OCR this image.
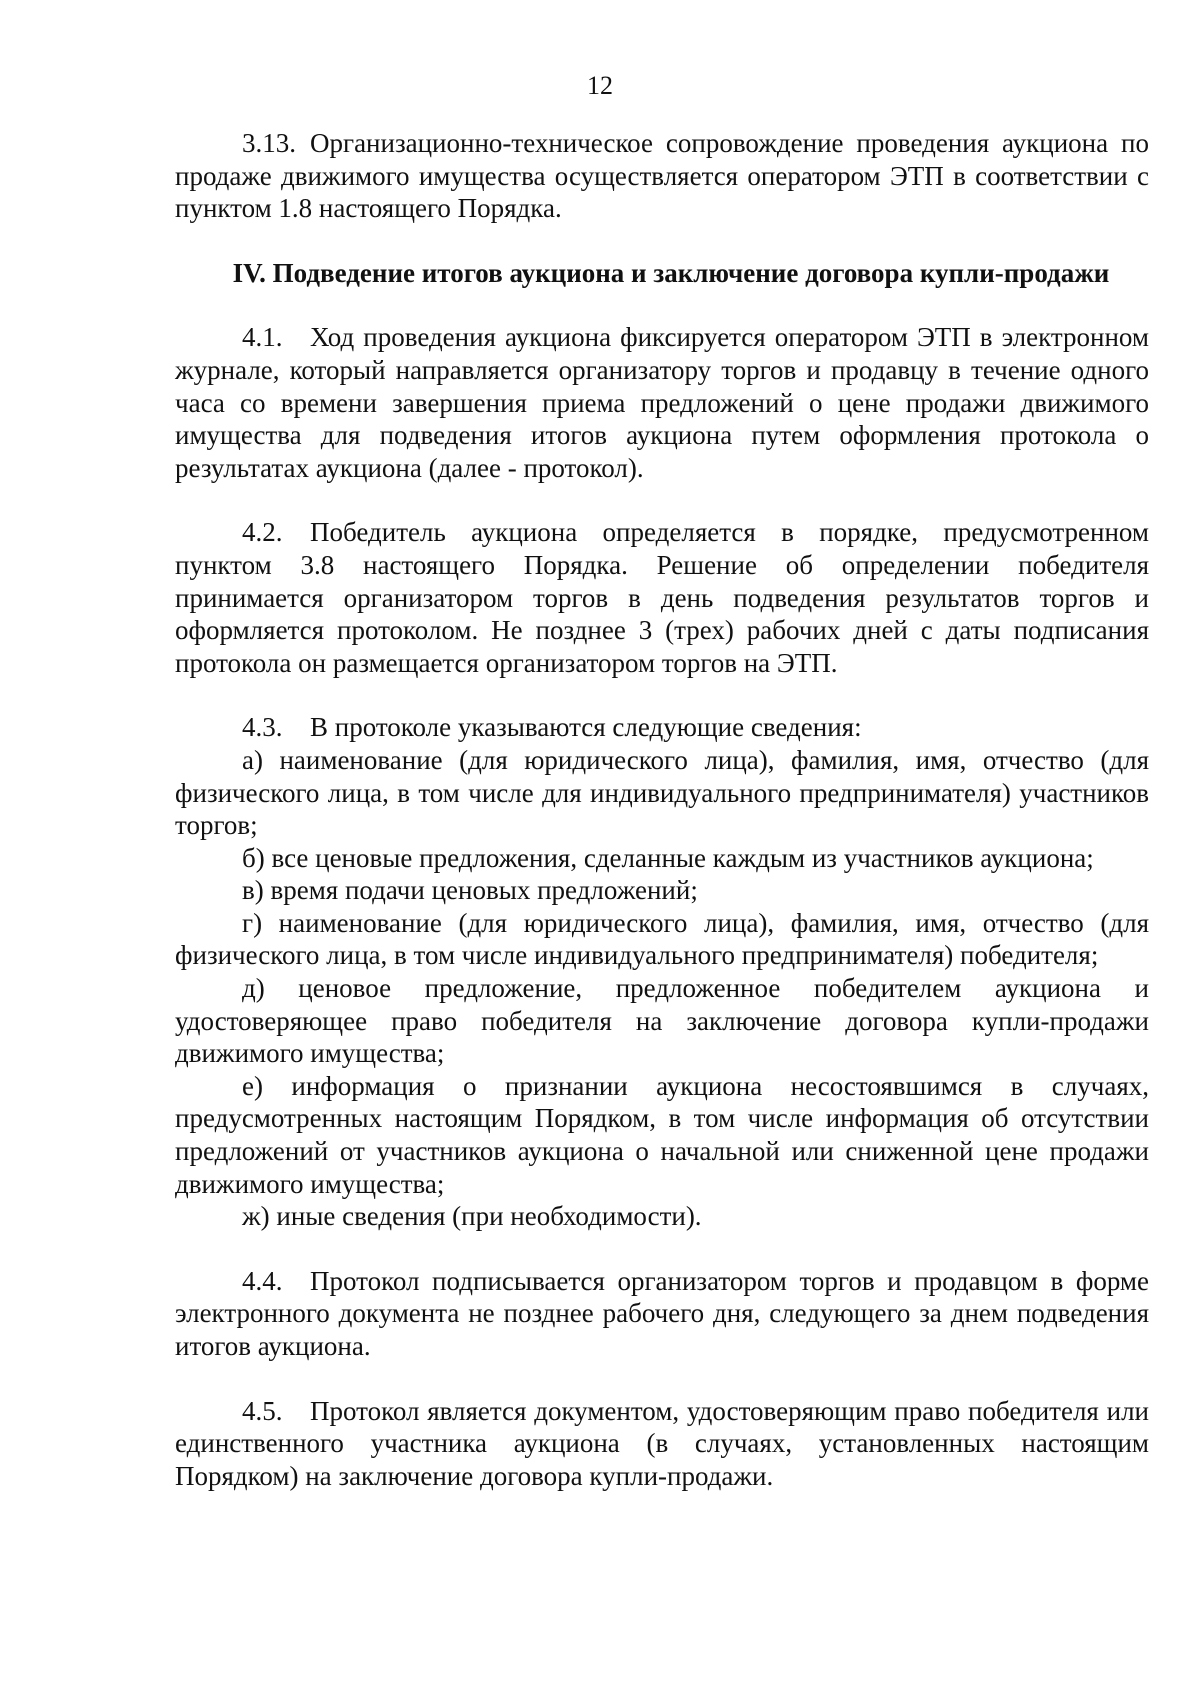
12

3.13. Организационно-техническое сопровождение проведения аукциона по продаже движимого имущества осуществляется оператором ЭТП в соответствии с пунктом 1.8 настоящего Порядка.

IV. Подведение итогов аукциона и заключение договора купли-продажи

4.1. Ход проведения аукциона фиксируется оператором ЭТП в электронном журнале, который направляется организатору торгов и продавцу в течение одного часа со времени завершения приема предложений о цене продажи движимого имущества для подведения итогов аукциона путем оформления протокола о результатах аукциона (далее - протокол).

4.2. Победитель аукциона определяется в порядке, предусмотренном пунктом 3.8 настоящего Порядка. Решение об определении победителя принимается организатором торгов в день подведения результатов торгов и оформляется протоколом. Не позднее 3 (трех) рабочих дней с даты подписания протокола он размещается организатором торгов на ЭТП.

4.3. В протоколе указываются следующие сведения:

а) наименование (для юридического лица), фамилия, имя, отчество (для физического лица, в том числе для индивидуального предпринимателя) участников торгов;

б) все ценовые предложения, сделанные каждым из участников аукциона;

в) время подачи ценовых предложений;

г) наименование (для юридического лица), фамилия, имя, отчество (для физического лица, в том числе индивидуального предпринимателя) победителя;

д) ценовое предложение, предложенное победителем аукциона и удостоверяющее право победителя на заключение договора купли-продажи движимого имущества;

е) информация о признании аукциона несостоявшимся в случаях, предусмотренных настоящим Порядком, в том числе информация об отсутствии предложений от участников аукциона о начальной или сниженной цене продажи движимого имущества;

ж) иные сведения (при необходимости).

4.4. Протокол подписывается организатором торгов и продавцом в форме электронного документа не позднее рабочего дня, следующего за днем подведения итогов аукциона.

4.5. Протокол является документом, удостоверяющим право победителя или единственного участника аукциона (в случаях, установленных настоящим Порядком) на заключение договора купли-продажи.
